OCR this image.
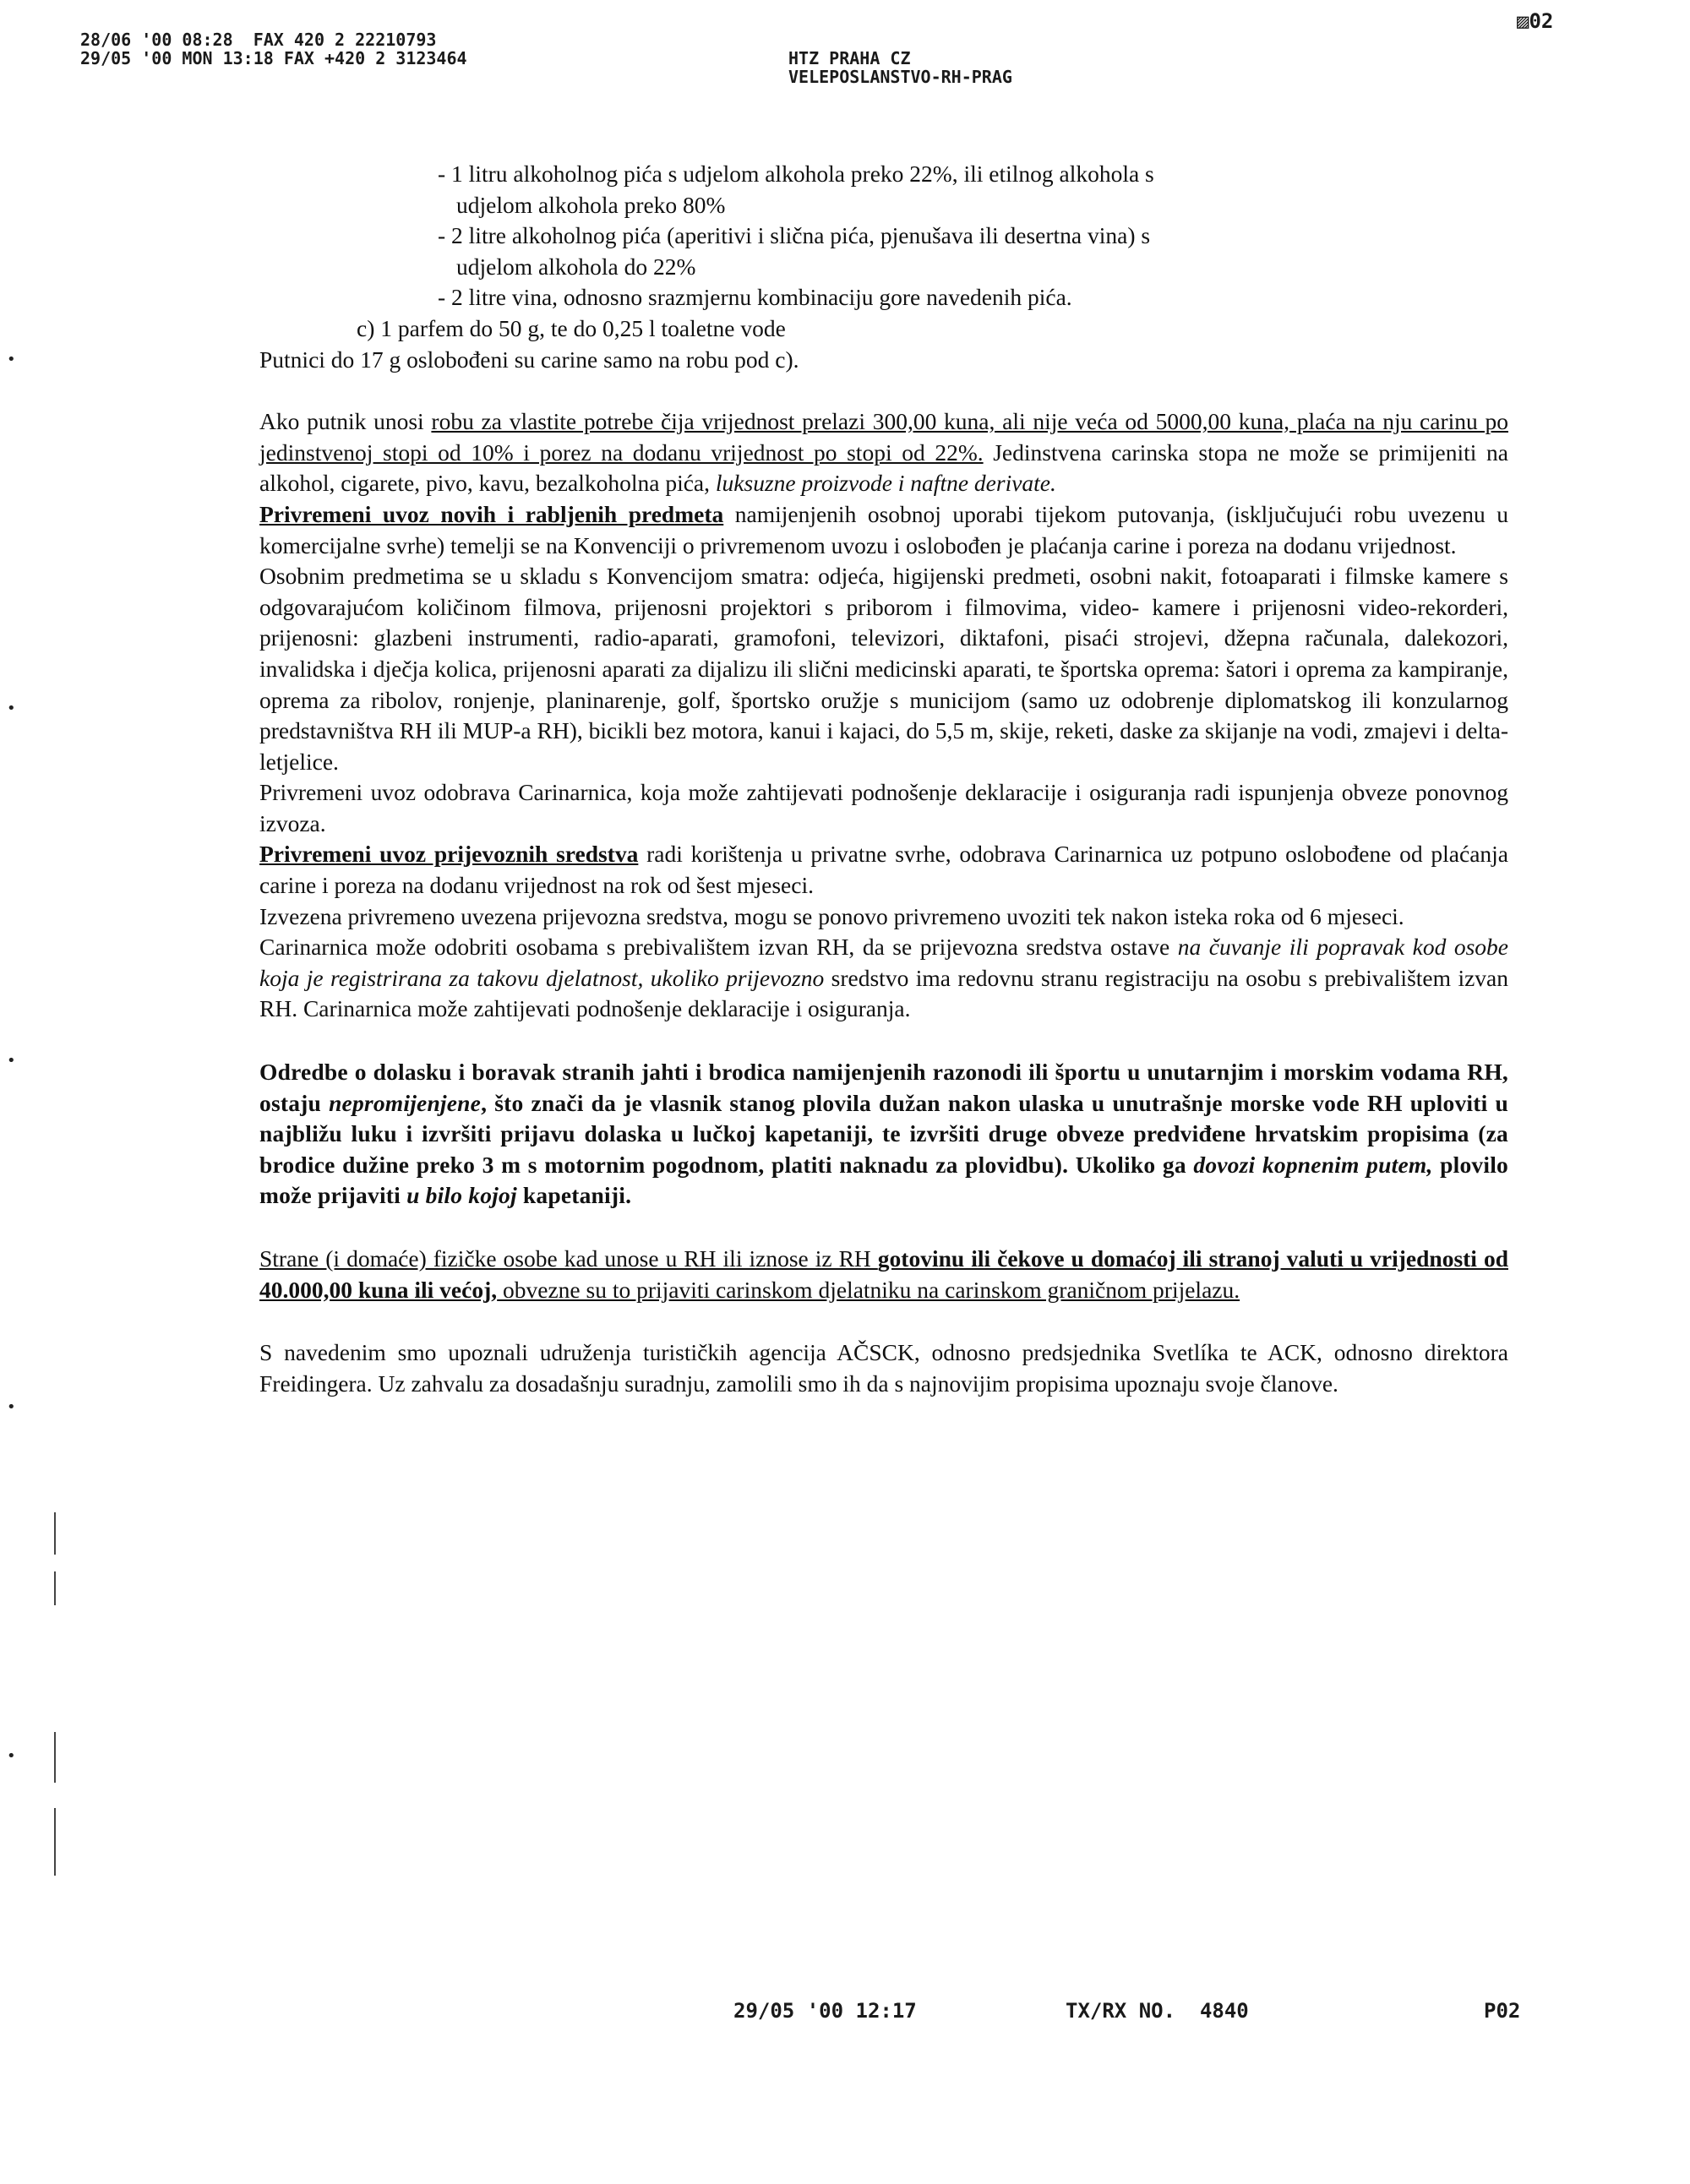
28/06 '00 08:28  FAX 420 2 22210793

HTZ PRAHA CZ

29/05 '00 MON 13:18 FAX +420 2 3123464

VELEPOSLANSTVO-RH-PRAG

▨02
•
•
•
•
•

- 1 litru alkoholnog pića s udjelom alkohola preko 22%, ili etilnog alkohola s
udjelom alkohola preko 80%

- 2 litre alkoholnog pića (aperitivi i slična pića, pjenušava ili desertna vina) s
udjelom alkohola do 22%

- 2 litre vina, odnosno srazmjernu kombinaciju gore navedenih pića.

c) 1 parfem do 50 g, te do 0,25 l toaletne vode

Putnici do 17 g oslobođeni su carine samo na robu pod c).

Ako putnik unosi robu za vlastite potrebe čija vrijednost prelazi 300,00 kuna, ali nije veća od 5000,00 kuna, plaća na nju carinu po jedinstvenoj stopi od 10% i porez na dodanu vrijednost po stopi od 22%. Jedinstvena carinska stopa ne može se primijeniti na alkohol, cigarete, pivo, kavu, bezalkoholna pića, luksuzne proizvode i naftne derivate.

Privremeni uvoz novih i rabljenih predmeta namijenjenih osobnoj uporabi tijekom putovanja, (isključujući robu uvezenu u komercijalne svrhe) temelji se na Konvenciji o privremenom uvozu i oslobođen je plaćanja carine i poreza na dodanu vrijednost.

Osobnim predmetima se u skladu s Konvencijom smatra: odjeća, higijenski predmeti, osobni nakit, fotoaparati i filmske kamere s odgovarajućom količinom filmova, prijenosni projektori s priborom i filmovima, video- kamere i prijenosni video-rekorderi, prijenosni: glazbeni instrumenti, radio-aparati, gramofoni, televizori, diktafoni, pisaći strojevi, džepna računala, dalekozori, invalidska i dječja kolica, prijenosni aparati za dijalizu ili slični medicinski aparati, te športska oprema: šatori i oprema za kampiranje, oprema za ribolov, ronjenje, planinarenje, golf, športsko oružje s municijom (samo uz odobrenje diplomatskog ili konzularnog predstavništva RH ili MUP-a RH), bicikli bez motora, kanui i kajaci, do 5,5 m, skije, reketi, daske za skijanje na vodi, zmajevi i delta-letjelice.

Privremeni uvoz odobrava Carinarnica, koja može zahtijevati podnošenje deklaracije i osiguranja radi ispunjenja obveze ponovnog izvoza.

Privremeni uvoz prijevoznih sredstva radi korištenja u privatne svrhe, odobrava Carinarnica uz potpuno oslobođene od plaćanja carine i poreza na dodanu vrijednost na rok od šest mjeseci.

Izvezena privremeno uvezena prijevozna sredstva, mogu se ponovo privremeno uvoziti tek nakon isteka roka od 6 mjeseci.

Carinarnica može odobriti osobama s prebivalištem izvan RH, da se prijevozna sredstva ostave na čuvanje ili popravak kod osobe koja je registrirana za takovu djelatnost, ukoliko prijevozno sredstvo ima redovnu stranu registraciju na osobu s prebivalištem izvan RH. Carinarnica može zahtijevati podnošenje deklaracije i osiguranja.

Odredbe o dolasku i boravak stranih jahti i brodica namijenjenih razonodi ili športu u unutarnjim i morskim vodama RH, ostaju nepromijenjene, što znači da je vlasnik stanog plovila dužan nakon ulaska u unutrašnje morske vode RH uploviti u najbližu luku i izvršiti prijavu dolaska u lučkoj kapetaniji, te izvršiti druge obveze predviđene hrvatskim propisima (za brodice dužine preko 3 m s motornim pogodnom, platiti naknadu za plovidbu). Ukoliko ga dovozi kopnenim putem, plovilo može prijaviti u bilo kojoj kapetaniji.

Strane (i domaće) fizičke osobe kad unose u RH ili iznose iz RH gotovinu ili čekove u domaćoj ili stranoj valuti u vrijednosti od 40.000,00 kuna ili većoj, obvezne su to prijaviti carinskom djelatniku na carinskom graničnom prijelazu.

S navedenim smo upoznali udruženja turističkih agencija AČSCK, odnosno predsjednika Svetlíka te ACK, odnosno direktora Freidingera. Uz zahvalu za dosadašnju suradnju, zamolili smo ih da s najnovijim propisima upoznaju svoje članove.

29/05 '00 12:17	TX/RX NO.  4840	P02
